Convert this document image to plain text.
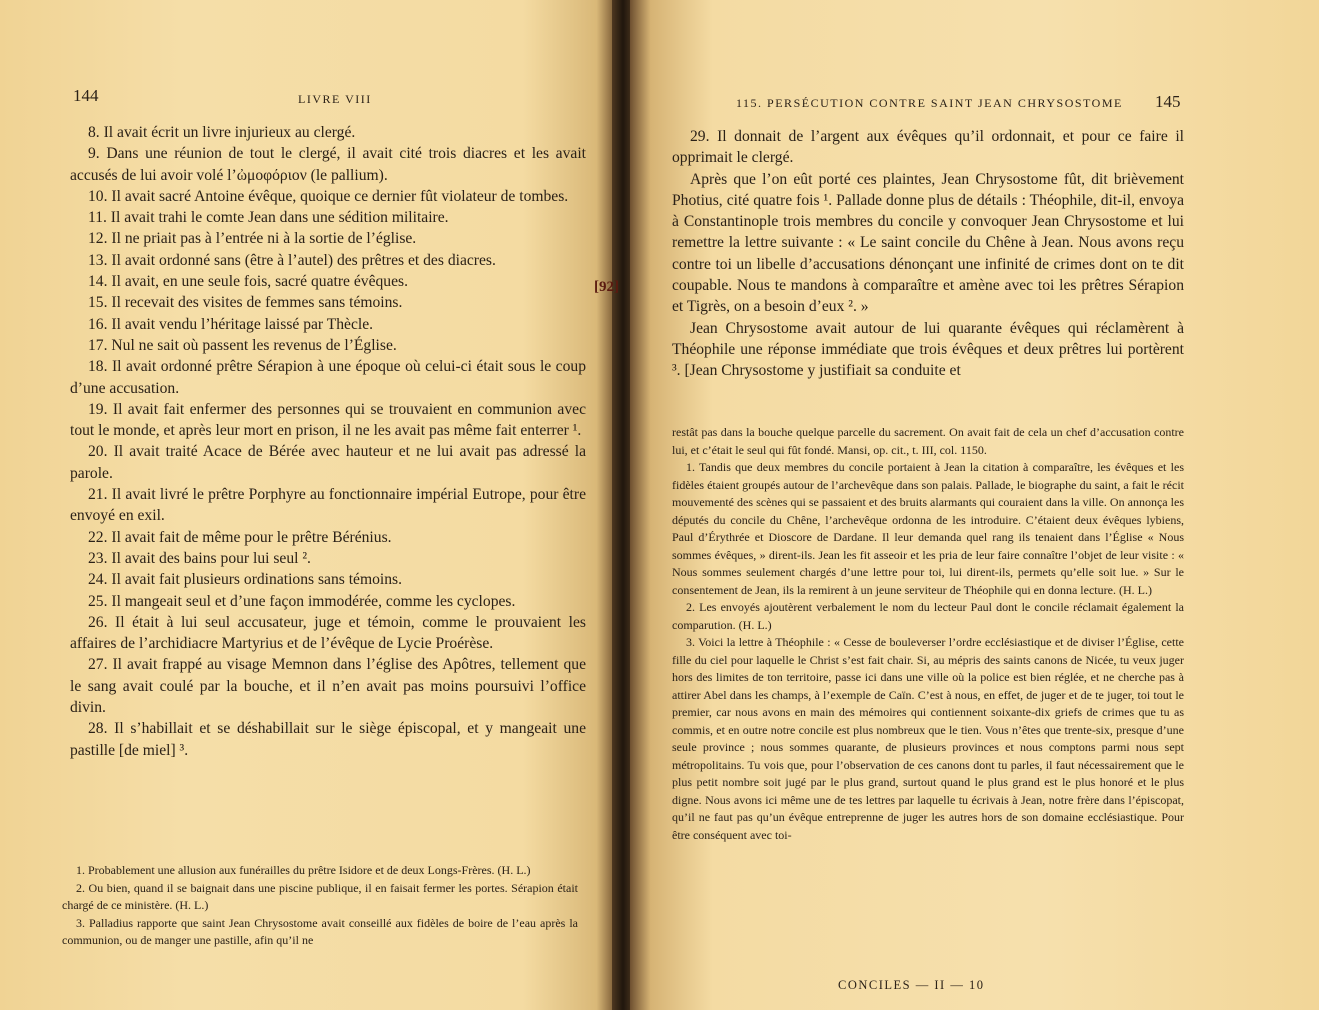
144	LIVRE VIII

8. Il avait écrit un livre injurieux au clergé.

9. Dans une réunion de tout le clergé, il avait cité trois diacres et les avait accusés de lui avoir volé l’ὠμοφόριον (le pallium).

10. Il avait sacré Antoine évêque, quoique ce dernier fût violateur de tombes.

11. Il avait trahi le comte Jean dans une sédition militaire.

12. Il ne priait pas à l’entrée ni à la sortie de l’église.

13. Il avait ordonné sans (être à l’autel) des prêtres et des diacres.

14. Il avait, en une seule fois, sacré quatre évêques.

15. Il recevait des visites de femmes sans témoins.

16. Il avait vendu l’héritage laissé par Thècle.

17. Nul ne sait où passent les revenus de l’Église.

18. Il avait ordonné prêtre Sérapion à une époque où celui-ci était sous le coup d’une accusation.

19. Il avait fait enfermer des personnes qui se trouvaient en communion avec tout le monde, et après leur mort en prison, il ne les avait pas même fait enterrer ¹.

20. Il avait traité Acace de Bérée avec hauteur et ne lui avait pas adressé la parole.

21. Il avait livré le prêtre Porphyre au fonctionnaire impérial Eutrope, pour être envoyé en exil.

22. Il avait fait de même pour le prêtre Bérénius.

23. Il avait des bains pour lui seul ².

24. Il avait fait plusieurs ordinations sans témoins.

25. Il mangeait seul et d’une façon immodérée, comme les cyclopes.

26. Il était à lui seul accusateur, juge et témoin, comme le prouvaient les affaires de l’archidiacre Martyrius et de l’évêque de Lycie Proérèse.

27. Il avait frappé au visage Memnon dans l’église des Apôtres, tellement que le sang avait coulé par la bouche, et il n’en avait pas moins poursuivi l’office divin.

28. Il s’habillait et se déshabillait sur le siège épiscopal, et y mangeait une pastille [de miel] ³.

1. Probablement une allusion aux funérailles du prêtre Isidore et de deux Longs-Frères. (H. L.)

2. Ou bien, quand il se baignait dans une piscine publique, il en faisait fermer les portes. Sérapion était chargé de ce ministère. (H. L.)

3. Palladius rapporte que saint Jean Chrysostome avait conseillé aux fidèles de boire de l’eau après la communion, ou de manger une pastille, afin qu’il ne

[92]
115. PERSÉCUTION CONTRE SAINT JEAN CHRYSOSTOME 145

29. Il donnait de l’argent aux évêques qu’il ordonnait, et pour ce faire il opprimait le clergé.

Après que l’on eût porté ces plaintes, Jean Chrysostome fût, dit brièvement Photius, cité quatre fois ¹. Pallade donne plus de détails : Théophile, dit-il, envoya à Constantinople trois membres du concile y convoquer Jean Chrysostome et lui remettre la lettre suivante : « Le saint concile du Chêne à Jean. Nous avons reçu contre toi un libelle d’accusations dénonçant une infinité de crimes dont on te dit coupable. Nous te mandons à comparaître et amène avec toi les prêtres Sérapion et Tigrès, on a besoin d’eux ². »

Jean Chrysostome avait autour de lui quarante évêques qui réclamèrent à Théophile une réponse immédiate que trois évêques et deux prêtres lui portèrent ³. [Jean Chrysostome y justifiait sa conduite et

restât pas dans la bouche quelque parcelle du sacrement. On avait fait de cela un chef d’accusation contre lui, et c’était le seul qui fût fondé. Mansi, op. cit., t. III, col. 1150.

1. Tandis que deux membres du concile portaient à Jean la citation à comparaître, les évêques et les fidèles étaient groupés autour de l’archevêque dans son palais. Pallade, le biographe du saint, a fait le récit mouvementé des scènes qui se passaient et des bruits alarmants qui couraient dans la ville. On annonça les députés du concile du Chêne, l’archevêque ordonna de les introduire. C’étaient deux évêques lybiens, Paul d’Érythrée et Dioscore de Dardane. Il leur demanda quel rang ils tenaient dans l’Église « Nous sommes évêques, » dirent-ils. Jean les fit asseoir et les pria de leur faire connaître l’objet de leur visite : « Nous sommes seulement chargés d’une lettre pour toi, lui dirent-ils, permets qu’elle soit lue. » Sur le consentement de Jean, ils la remirent à un jeune serviteur de Théophile qui en donna lecture. (H. L.)

2. Les envoyés ajoutèrent verbalement le nom du lecteur Paul dont le concile réclamait également la comparution. (H. L.)

3. Voici la lettre à Théophile : « Cesse de bouleverser l’ordre ecclésiastique et de diviser l’Église, cette fille du ciel pour laquelle le Christ s’est fait chair. Si, au mépris des saints canons de Nicée, tu veux juger hors des limites de ton territoire, passe ici dans une ville où la police est bien réglée, et ne cherche pas à attirer Abel dans les champs, à l’exemple de Caïn. C’est à nous, en effet, de juger et de te juger, toi tout le premier, car nous avons en main des mémoires qui contiennent soixante-dix griefs de crimes que tu as commis, et en outre notre concile est plus nombreux que le tien. Vous n’êtes que trente-six, presque d’une seule province ; nous sommes quarante, de plusieurs provinces et nous comptons parmi nous sept métropolitains. Tu vois que, pour l’observation de ces canons dont tu parles, il faut nécessairement que le plus petit nombre soit jugé par le plus grand, surtout quand le plus grand est le plus honoré et le plus digne. Nous avons ici même une de tes lettres par laquelle tu écrivais à Jean, notre frère dans l’épiscopat, qu’il ne faut pas qu’un évêque entreprenne de juger les autres hors de son domaine ecclésiastique. Pour être conséquent avec toi-

CONCILES — II — 10
